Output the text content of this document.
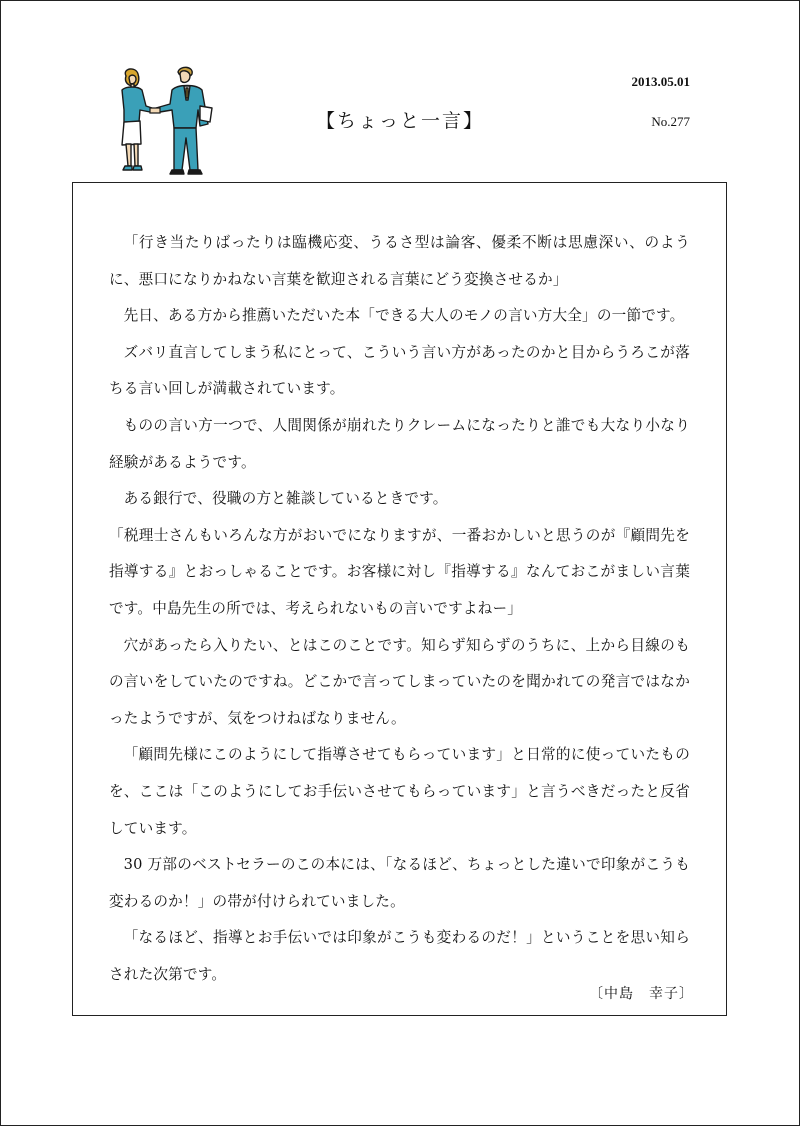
【ちょっと一言】
2013.05.01
No.277

「行き当たりばったりは臨機応変、うるさ型は論客、優柔不断は思慮深い、のように、悪口になりかねない言葉を歓迎される言葉にどう変換させるか」

先日、ある方から推薦いただいた本「できる大人のモノの言い方大全」の一節です。

ズバリ直言してしまう私にとって、こういう言い方があったのかと目からうろこが落ちる言い回しが満載されています。

ものの言い方一つで、人間関係が崩れたりクレームになったりと誰でも大なり小なり経験があるようです。

ある銀行で、役職の方と雑談しているときです。

「税理士さんもいろんな方がおいでになりますが、一番おかしいと思うのが『顧問先を指導する』とおっしゃることです。お客様に対し『指導する』なんておこがましい言葉です。中島先生の所では、考えられないもの言いですよねー」

穴があったら入りたい、とはこのことです。知らず知らずのうちに、上から目線のもの言いをしていたのですね。どこかで言ってしまっていたのを聞かれての発言ではなかったようですが、気をつけねばなりません。

「顧問先様にこのようにして指導させてもらっています」と日常的に使っていたものを、ここは「このようにしてお手伝いさせてもらっています」と言うべきだったと反省しています。

30 万部のベストセラーのこの本には、「なるほど、ちょっとした違いで印象がこうも変わるのか！」の帯が付けられていました。

「なるほど、指導とお手伝いでは印象がこうも変わるのだ！」ということを思い知らされた次第です。

〔中島　幸子〕
